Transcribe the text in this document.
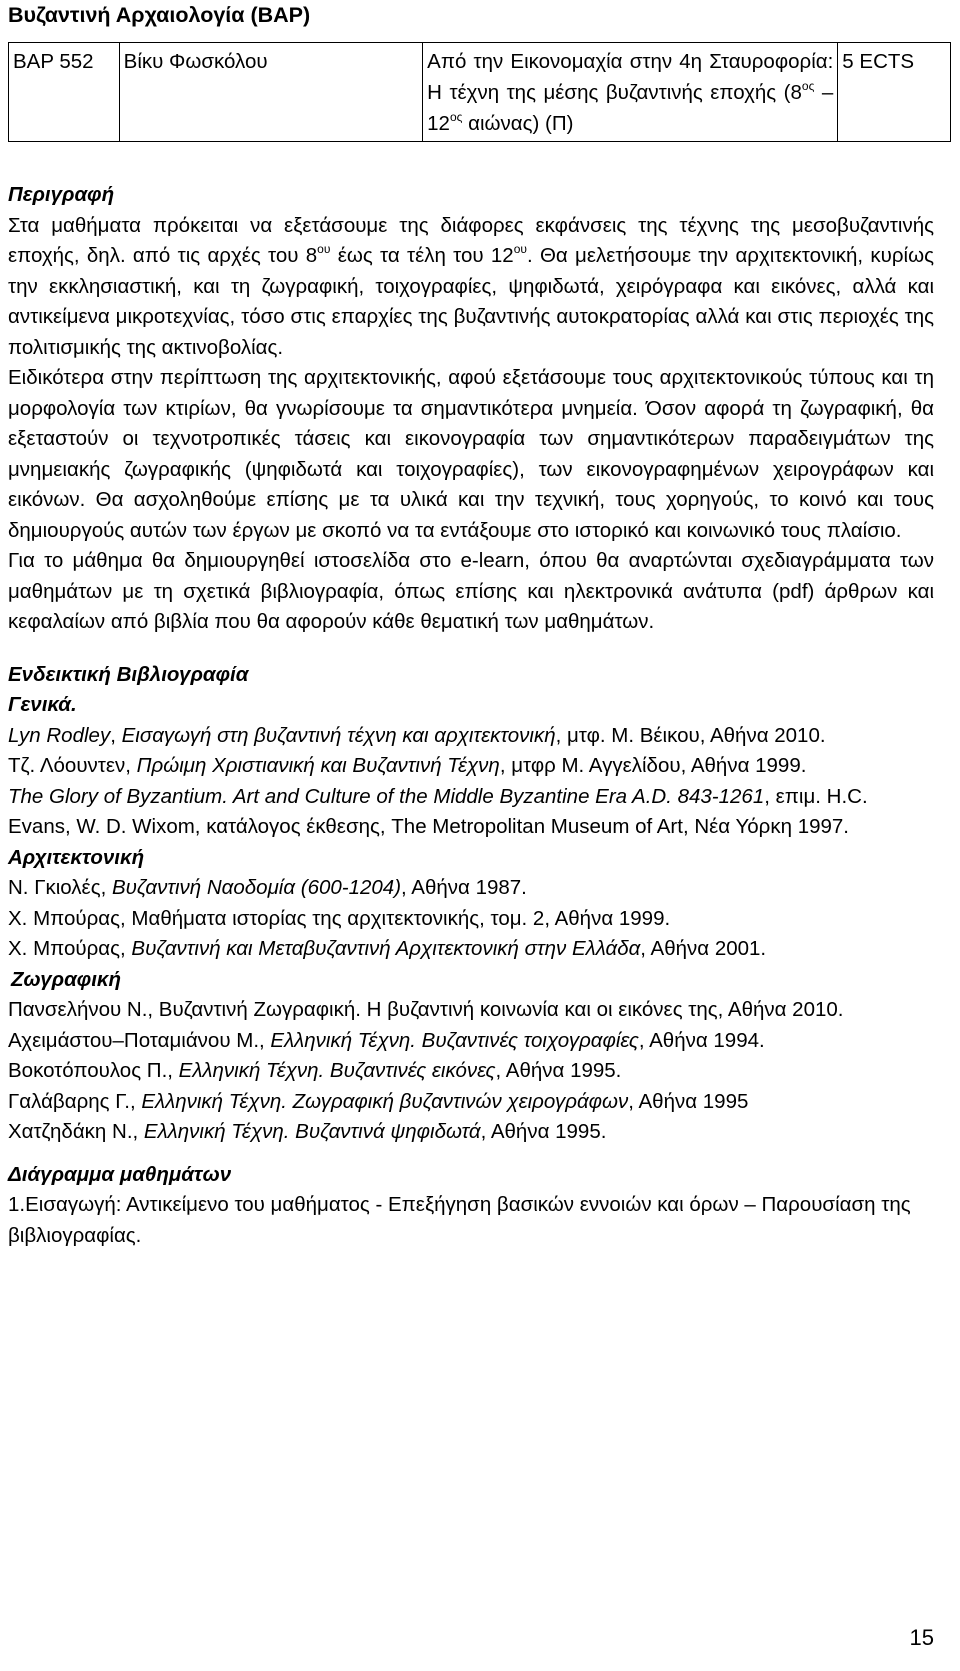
Βυζαντινή Αρχαιολογία (ΒΑΡ)
ΒΑΡ 552	Βίκυ Φωσκόλου	Από την Εικονομαχία στην 4η Σταυροφορία: Η τέχνη της μέσης βυζαντινής εποχής ($8^{o\varsigma} - 12^{o\varsigma}$ αιώνας) (Π)	5 ECTS

Περιγραφή

Στα μαθήματα πρόκειται να εξετάσουμε της διάφορες εκφάνσεις της τέχνης της μεσοβυζαντινής εποχής, δηλ. από τις αρχές του $8^{o\upsilon}$ έως τα τέλη του $12^{o\upsilon}$. Θα μελετήσουμε την αρχιτεκτονική, κυρίως την εκκλησιαστική, και τη ζωγραφική, τοιχογραφίες, ψηφιδωτά, χειρόγραφα και εικόνες, αλλά και αντικείμενα μικροτεχνίας, τόσο στις επαρχίες της βυζαντινής αυτοκρατορίας αλλά και στις περιοχές της πολιτισμικής της ακτινοβολίας.

Ειδικότερα στην περίπτωση της αρχιτεκτονικής, αφού εξετάσουμε τους αρχιτεκτονικούς τύπους και τη μορφολογία των κτιρίων, θα γνωρίσουμε τα σημαντικότερα μνημεία. Όσον αφορά τη ζωγραφική, θα εξεταστούν οι τεχνοτροπικές τάσεις και εικονογραφία των σημαντικότερων παραδειγμάτων της μνημειακής ζωγραφικής (ψηφιδωτά και τοιχογραφίες), των εικονογραφημένων χειρογράφων και εικόνων. Θα ασχοληθούμε επίσης με τα υλικά και την τεχνική, τους χορηγούς, το κοινό και τους δημιουργούς αυτών των έργων με σκοπό να τα εντάξουμε στο ιστορικό και κοινωνικό τους πλαίσιο.

Για το μάθημα θα δημιουργηθεί ιστοσελίδα στο e-learn, όπου θα αναρτώνται σχεδιαγράμματα των μαθημάτων με τη σχετικά βιβλιογραφία, όπως επίσης και ηλεκτρονικά ανάτυπα (pdf) άρθρων και κεφαλαίων από βιβλία που θα αφορούν κάθε θεματική των μαθημάτων.

Ενδεικτική Βιβλιογραφία

Γενικά.

Lyn Rodley, Εισαγωγή στη βυζαντινή τέχνη και αρχιτεκτονική, μτφ. Μ. Βέικου, Αθήνα 2010.

Τζ. Λόουντεν, Πρώιμη Χριστιανική και Βυζαντινή Τέχνη, μτφρ Μ. Αγγελίδου, Αθήνα 1999.

The Glory of Byzantium. Art and Culture of the Middle Byzantine Era A.D. 843-1261, επιμ. H.C. Evans, W. D. Wixom, κατάλογος έκθεσης, The Metropolitan Museum of Art, Νέα Υόρκη 1997.

Αρχιτεκτονική

Ν. Γκιολές, Βυζαντινή Ναοδομία (600-1204), Αθήνα 1987.

Χ. Μπούρας, Μαθήματα ιστορίας της αρχιτεκτονικής, τομ. 2, Αθήνα 1999.

Χ. Μπούρας, Βυζαντινή και Μεταβυζαντινή Αρχιτεκτονική στην Ελλάδα, Αθήνα 2001.

Ζωγραφική

Πανσελήνου Ν., Βυζαντινή Ζωγραφική. Η βυζαντινή κοινωνία και οι εικόνες της, Αθήνα 2010.

Αχειμάστου–Ποταμιάνου Μ., Ελληνική Τέχνη. Βυζαντινές τοιχογραφίες, Αθήνα 1994.

Βοκοτόπουλος Π., Ελληνική Τέχνη. Βυζαντινές εικόνες, Αθήνα 1995.

Γαλάβαρης Γ., Ελληνική Τέχνη. Ζωγραφική βυζαντινών χειρογράφων, Αθήνα 1995

Χατζηδάκη Ν., Ελληνική Τέχνη. Βυζαντινά ψηφιδωτά, Αθήνα 1995.

Διάγραμμα μαθημάτων

1.Εισαγωγή: Αντικείμενο του μαθήματος - Επεξήγηση βασικών εννοιών και όρων – Παρουσίαση της βιβλιογραφίας.

15
